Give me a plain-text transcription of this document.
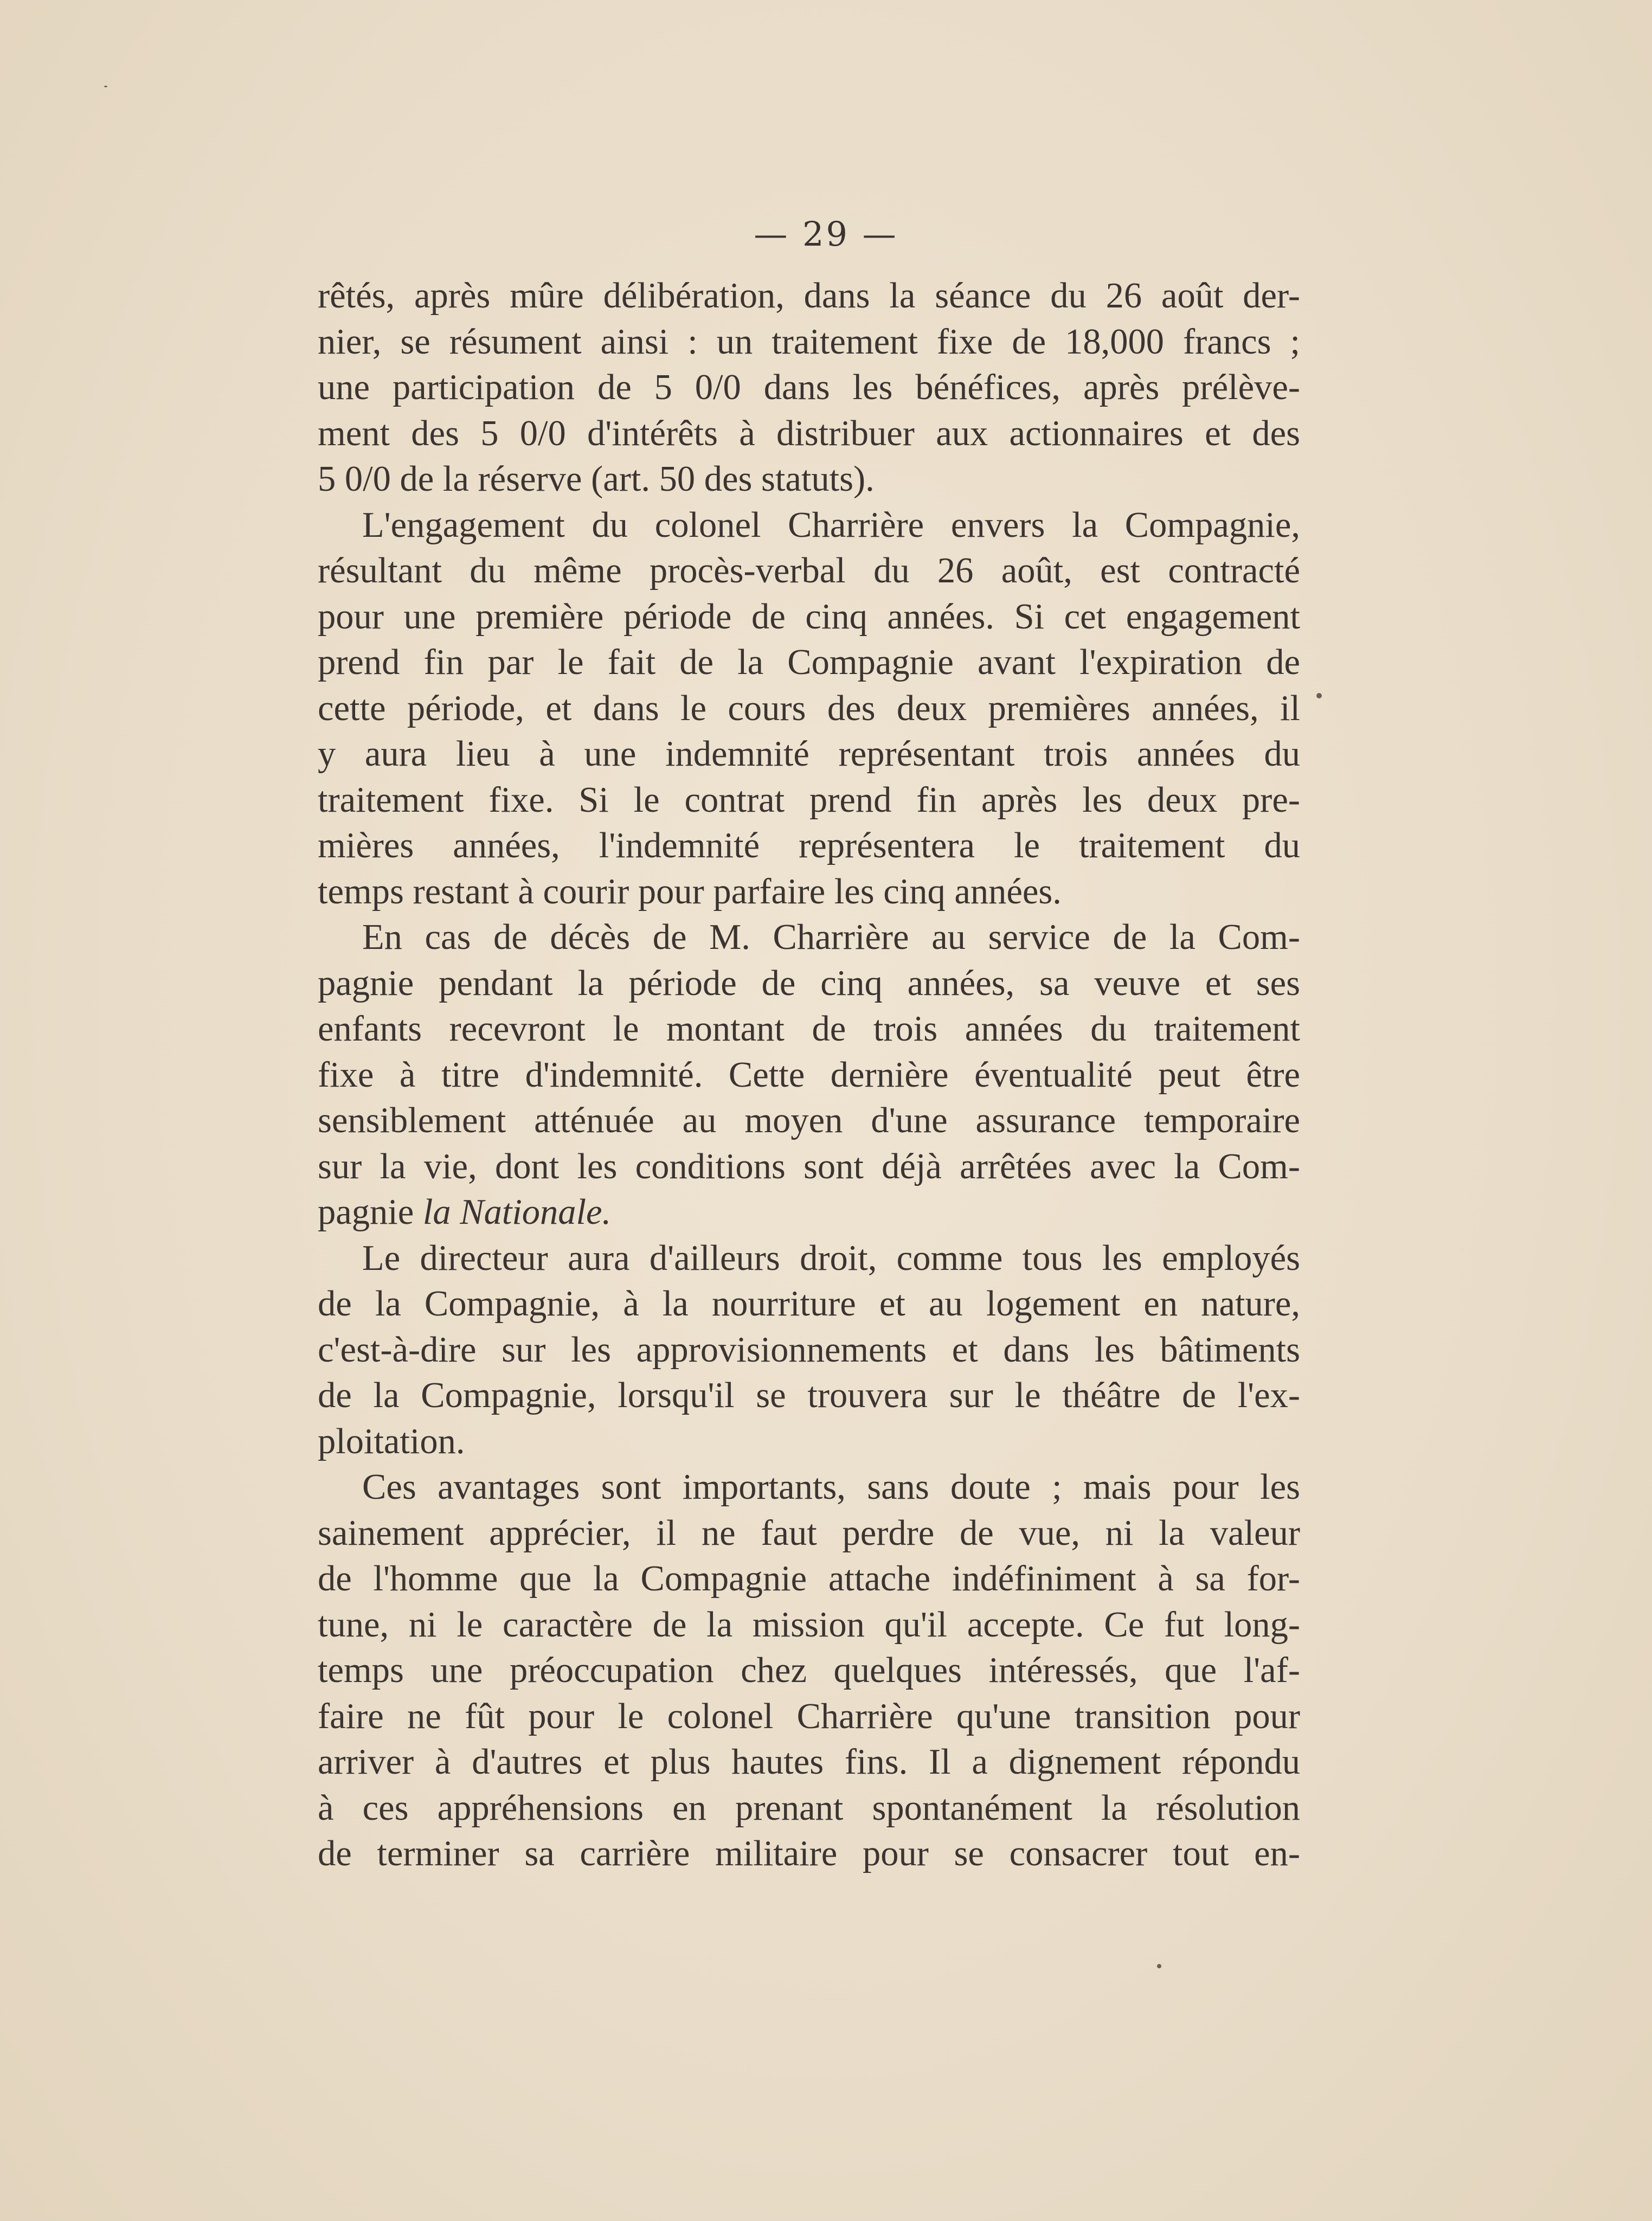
— 29 —
rêtés, après mûre délibération, dans la séance du 26 août der-
nier, se résument ainsi : un traitement fixe de 18,000 francs ;
une participation de 5 0/0 dans les bénéfices, après prélève-
ment des 5 0/0 d'intérêts à distribuer aux actionnaires et des
5 0/0 de la réserve (art. 50 des statuts).
L'engagement du colonel Charrière envers la Compagnie,
résultant du même procès-verbal du 26 août, est contracté
pour une première période de cinq années. Si cet engagement
prend fin par le fait de la Compagnie avant l'expiration de
cette période, et dans le cours des deux premières années, il
y aura lieu à une indemnité représentant trois années du
traitement fixe. Si le contrat prend fin après les deux pre-
mières années, l'indemnité représentera le traitement du
temps restant à courir pour parfaire les cinq années.
En cas de décès de M. Charrière au service de la Com-
pagnie pendant la période de cinq années, sa veuve et ses
enfants recevront le montant de trois années du traitement
fixe à titre d'indemnité. Cette dernière éventualité peut être
sensiblement atténuée au moyen d'une assurance temporaire
sur la vie, dont les conditions sont déjà arrêtées avec la Com-
pagnie la Nationale.
Le directeur aura d'ailleurs droit, comme tous les employés
de la Compagnie, à la nourriture et au logement en nature,
c'est-à-dire sur les approvisionnements et dans les bâtiments
de la Compagnie, lorsqu'il se trouvera sur le théâtre de l'ex-
ploitation.
Ces avantages sont importants, sans doute ; mais pour les
sainement apprécier, il ne faut perdre de vue, ni la valeur
de l'homme que la Compagnie attache indéfiniment à sa for-
tune, ni le caractère de la mission qu'il accepte. Ce fut long-
temps une préoccupation chez quelques intéressés, que l'af-
faire ne fût pour le colonel Charrière qu'une transition pour
arriver à d'autres et plus hautes fins. Il a dignement répondu
à ces appréhensions en prenant spontanément la résolution
de terminer sa carrière militaire pour se consacrer tout en-
